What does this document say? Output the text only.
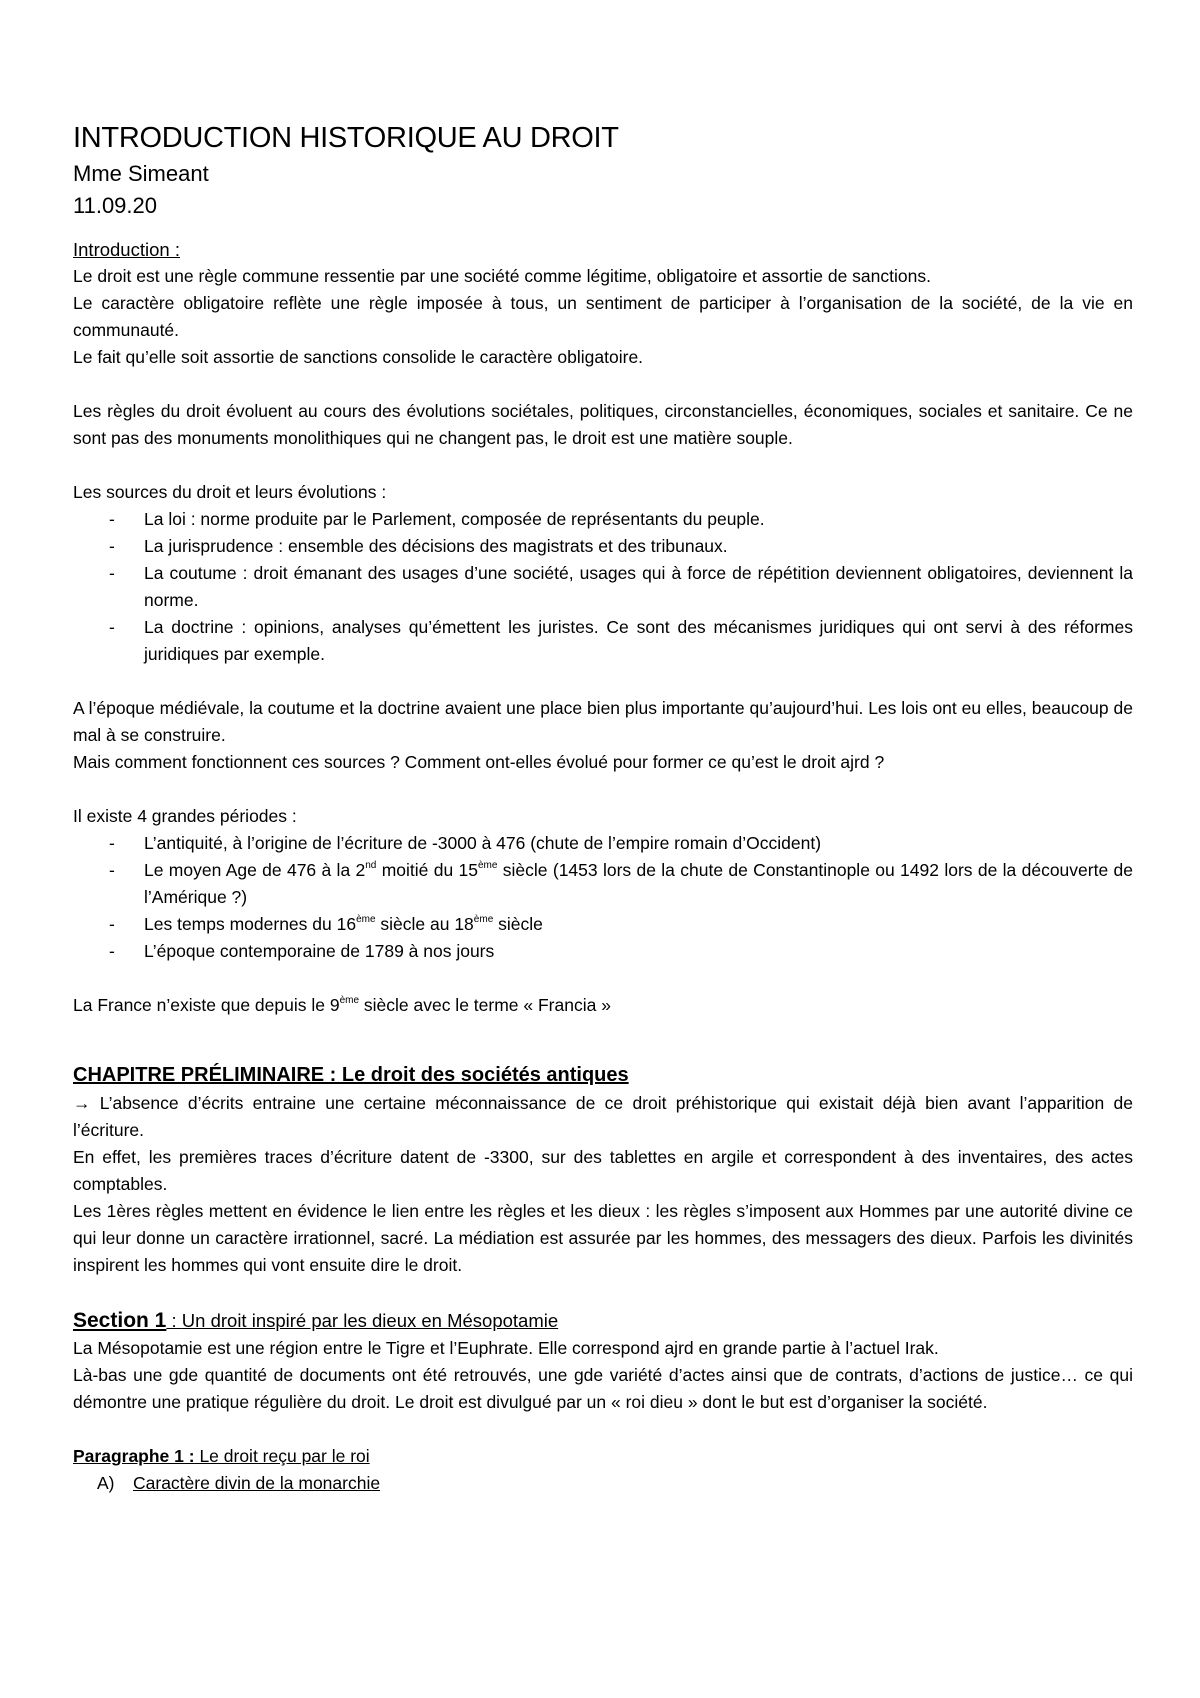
INTRODUCTION HISTORIQUE AU DROIT

Mme Simeant

11.09.20

Introduction :

Le droit est une règle commune ressentie par une société comme légitime, obligatoire et assortie de sanctions.

Le caractère obligatoire reflète une règle imposée à tous, un sentiment de participer à l’organisation de la société, de la vie en communauté.

Le fait qu’elle soit assortie de sanctions consolide le caractère obligatoire.

Les règles du droit évoluent au cours des évolutions sociétales, politiques, circonstancielles, économiques, sociales et sanitaire. Ce ne sont pas des monuments monolithiques qui ne changent pas, le droit est une matière souple.

Les sources du droit et leurs évolutions :

- La loi : norme produite par le Parlement, composée de représentants du peuple.
- La jurisprudence : ensemble des décisions des magistrats et des tribunaux.
- La coutume : droit émanant des usages d’une société, usages qui à force de répétition deviennent obligatoires, deviennent la norme.
- La doctrine : opinions, analyses qu’émettent les juristes. Ce sont des mécanismes juridiques qui ont servi à des réformes juridiques par exemple.

A l’époque médiévale, la coutume et la doctrine avaient une place bien plus importante qu’aujourd’hui. Les lois ont eu elles, beaucoup de mal à se construire.

Mais comment fonctionnent ces sources ? Comment ont-elles évolué pour former ce qu’est le droit ajrd ?

Il existe 4 grandes périodes :

- L’antiquité, à l’origine de l’écriture de -3000 à 476 (chute de l’empire romain d’Occident)
- Le moyen Age de 476 à la 2nd moitié du 15ème siècle (1453 lors de la chute de Constantinople ou 1492 lors de la découverte de l’Amérique ?)
- Les temps modernes du 16ème siècle au 18ème siècle
- L’époque contemporaine de 1789 à nos jours

La France n’existe que depuis le 9ème siècle avec le terme « Francia »

CHAPITRE PRÉLIMINAIRE : Le droit des sociétés antiques

→ L’absence d’écrits entraine une certaine méconnaissance de ce droit préhistorique qui existait déjà bien avant l’apparition de l’écriture.

En effet, les premières traces d’écriture datent de -3300, sur des tablettes en argile et correspondent à des inventaires, des actes comptables.

Les 1ères règles mettent en évidence le lien entre les règles et les dieux : les règles s’imposent aux Hommes par une autorité divine ce qui leur donne un caractère irrationnel, sacré. La médiation est assurée par les hommes, des messagers des dieux. Parfois les divinités inspirent les hommes qui vont ensuite dire le droit.

Section 1 : Un droit inspiré par les dieux en Mésopotamie

La Mésopotamie est une région entre le Tigre et l’Euphrate. Elle correspond ajrd en grande partie à l’actuel Irak.

Là-bas une gde quantité de documents ont été retrouvés, une gde variété d’actes ainsi que de contrats, d’actions de justice… ce qui démontre une pratique régulière du droit. Le droit est divulgué par un « roi dieu » dont le but est d’organiser la société.

Paragraphe 1 : Le droit reçu par le roi

A) Caractère divin de la monarchie
